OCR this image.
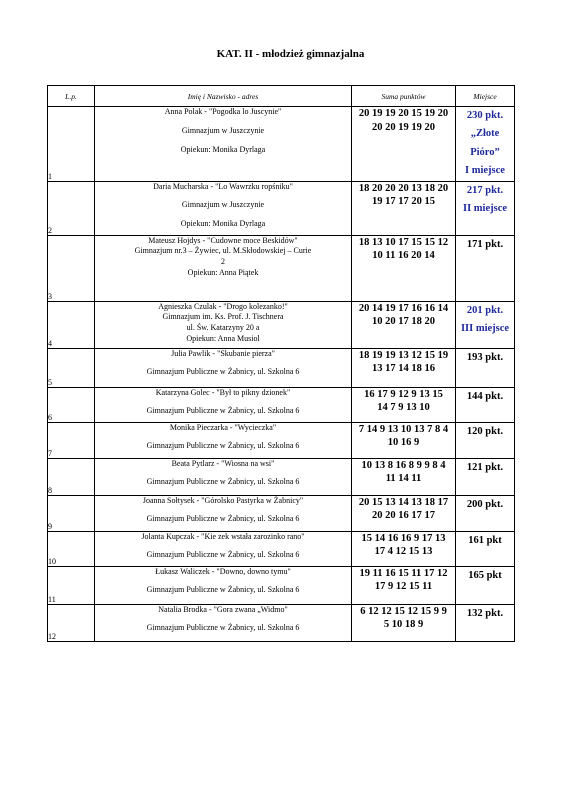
KAT. II - młodzież gimnazjalna
L.p.	Imię i Nazwisko - adres	Suma punktów	Miejsce
1	Anna Polak - "Pogodka lo Juscynie"
Gimnazjum w Juszczynie
Opiekun: Monika Dyrlaga	20 19 19 20 15 19 20
20 20 19 19 20	230 pkt.
„Złote Pióro”
I miejsce

2	Daria Mucharska - "Lo Wawrzku ropśniku"
Gimnazjum w Juszczynie
Opiekun: Monika Dyrlaga	18 20 20 20 13 18 20
19 17 17 20 15	217 pkt.
II miejsce

3	Mateusz Hojdys - "Cudowne moce Beskidów"
Gimnazjum nr.3 – Żywiec, ul. M.Skłodowskiej – Curie
2
Opiekun: Anna Piątek	18 13 10 17 15 15 12
10 11 16 20 14	171 pkt.

4	Agnieszka Czulak - "Drogo kolezanko!"
Gimnazjum im. Ks. Prof. J. Tischnera
ul. Św. Katarzyny 20 a
Opiekun: Anna Musiol	20 14 19 17 16 16 14
10 20 17 18 20	201 pkt.
III miejsce

5	Julia Pawlik - "Skubanie pierza"
Gimnazjum Publiczne w Żabnicy, ul. Szkolna 6	18 19 19 13 12 15 19
13 17 14 18 16	193 pkt.

6	Katarzyna Golec - "Był to pikny dzionek"
Gimnazjum Publiczne w Żabnicy, ul. Szkolna 6	16 17 9 12 9 13 15
14 7 9 13 10	144 pkt.

7	Monika Pieczarka - "Wycieczka"
Gimnazjum Publiczne w Żabnicy, ul. Szkolna 6	7 14 9 13 10 13 7 8 4
10 16 9	120 pkt.

8	Beata Pytlarz - "Wiosna na wsi"
Gimnazjum Publiczne w Żabnicy, ul. Szkolna 6	10 13 8 16 8 9 9 8 4
11 14 11	121 pkt.

9	Joanna Sołtysek - "Górolsko Pastyrka w Żabnicy"
Gimnazjum Publiczne w Żabnicy, ul. Szkolna 6	20 15 13 14 13 18 17
20 20 16 17 17	200 pkt.

10	Jolanta Kupczak - "Kie zek wstała zarozinko rano"
Gimnazjum Publiczne w Żabnicy, ul. Szkolna 6	15 14 16 16 9 17 13
17 4 12 15 13	161 pkt

11	Łukasz Waliczek - "Downo, downo tymu"
Gimnazjum Publiczne w Żabnicy, ul. Szkolna 6	19 11 16 15 11 17 12
17 9 12 15 11	165 pkt

12	Natalia Brodka - "Gora zwana „Widmo"
Gimnazjum Publiczne w Żabnicy, ul. Szkolna 6	6 12 12 15 12 15 9 9
5 10 18 9	132 pkt.
